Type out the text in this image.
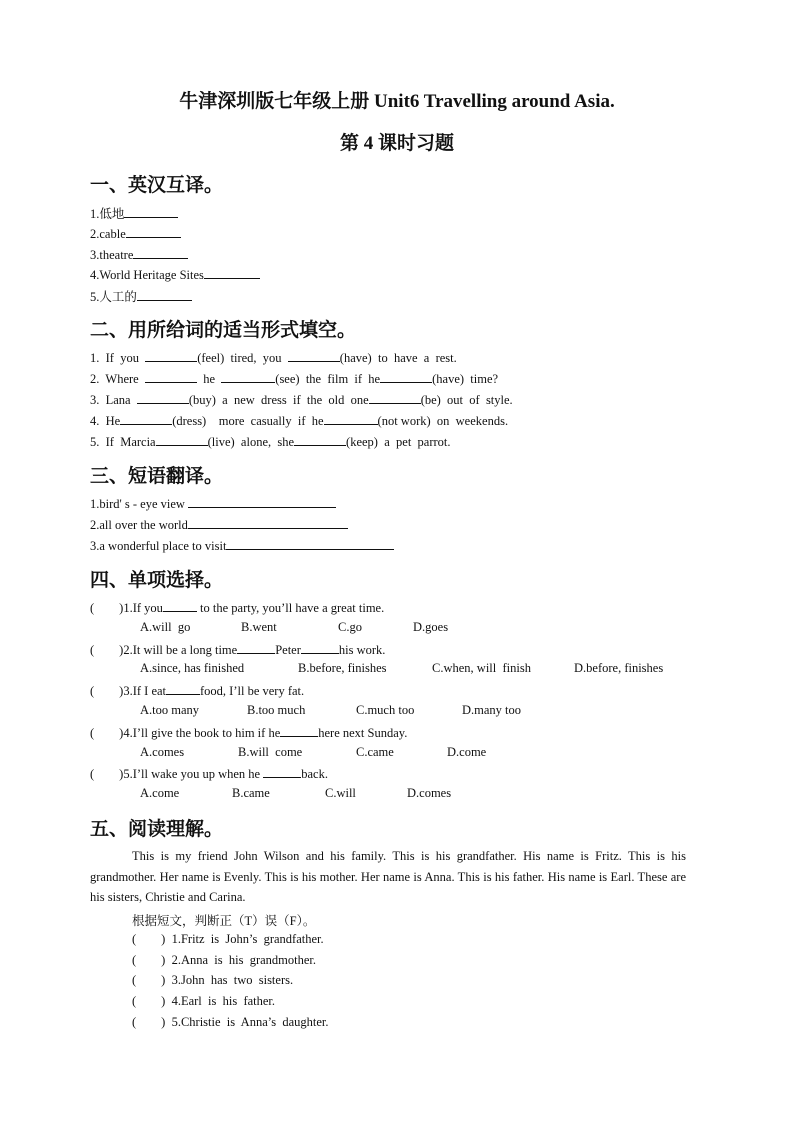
牛津深圳版七年级上册 Unit6 Travelling around Asia.

第 4 课时习题

一、英汉互译。

1.低地
2.cable
3.theatre
4.World Heritage Sites
5.人工的

二、用所给词的适当形式填空。

1.  If  you	(feel)  tired,  you	(have)  to  have  a  rest.
2.  Where	he	(see)  the  film  if  he	(have)  time?
3.  Lana	(buy)  a  new  dress  if  the  old  one	(be)  out  of  style.
4.  He	(dress)    more  casually  if  he	(not work)  on  weekends.
5.  If  Marcia	(live)  alone,  she	(keep)  a  pet  parrot.

三、短语翻译。

1.bird' s - eye view
2.all over the world
3.a wonderful place to visit

四、单项选择。

(        )1.If you	to the party, you’ll have a great time.

A.will  go

	B.went

	C.go

	D.goes

(        )2.It will be a long time	Peter	his work.

A.since, has finished

	B.before, finishes

	C.when, will  finish

	D.before, finishes

(        )3.If I eat	food, I’ll be very fat.

A.too many

	B.too much

	C.much too

	D.many too

(        )4.I’ll give the book to him if he	here next Sunday.

A.comes

	B.will  come

	C.came

	D.come

(        )5.I’ll wake you up when he	back.

A.come

	B.came

	C.will

	D.comes

五、阅读理解。

This is my friend John Wilson and his family. This is his grandfather. His name is Fritz. This is his grandmother. Her name is Evenly. This is his mother. Her name is Anna. This is his father. His name is Earl. These are his sisters, Christie and Carina.

根据短文，判断正（T）误（F）。
(        )  1.Fritz  is  John’s  grandfather.
(        )  2.Anna  is  his  grandmother.
(        )  3.John  has  two  sisters.
(        )  4.Earl  is  his  father.
(        )  5.Christie  is  Anna’s  daughter.
